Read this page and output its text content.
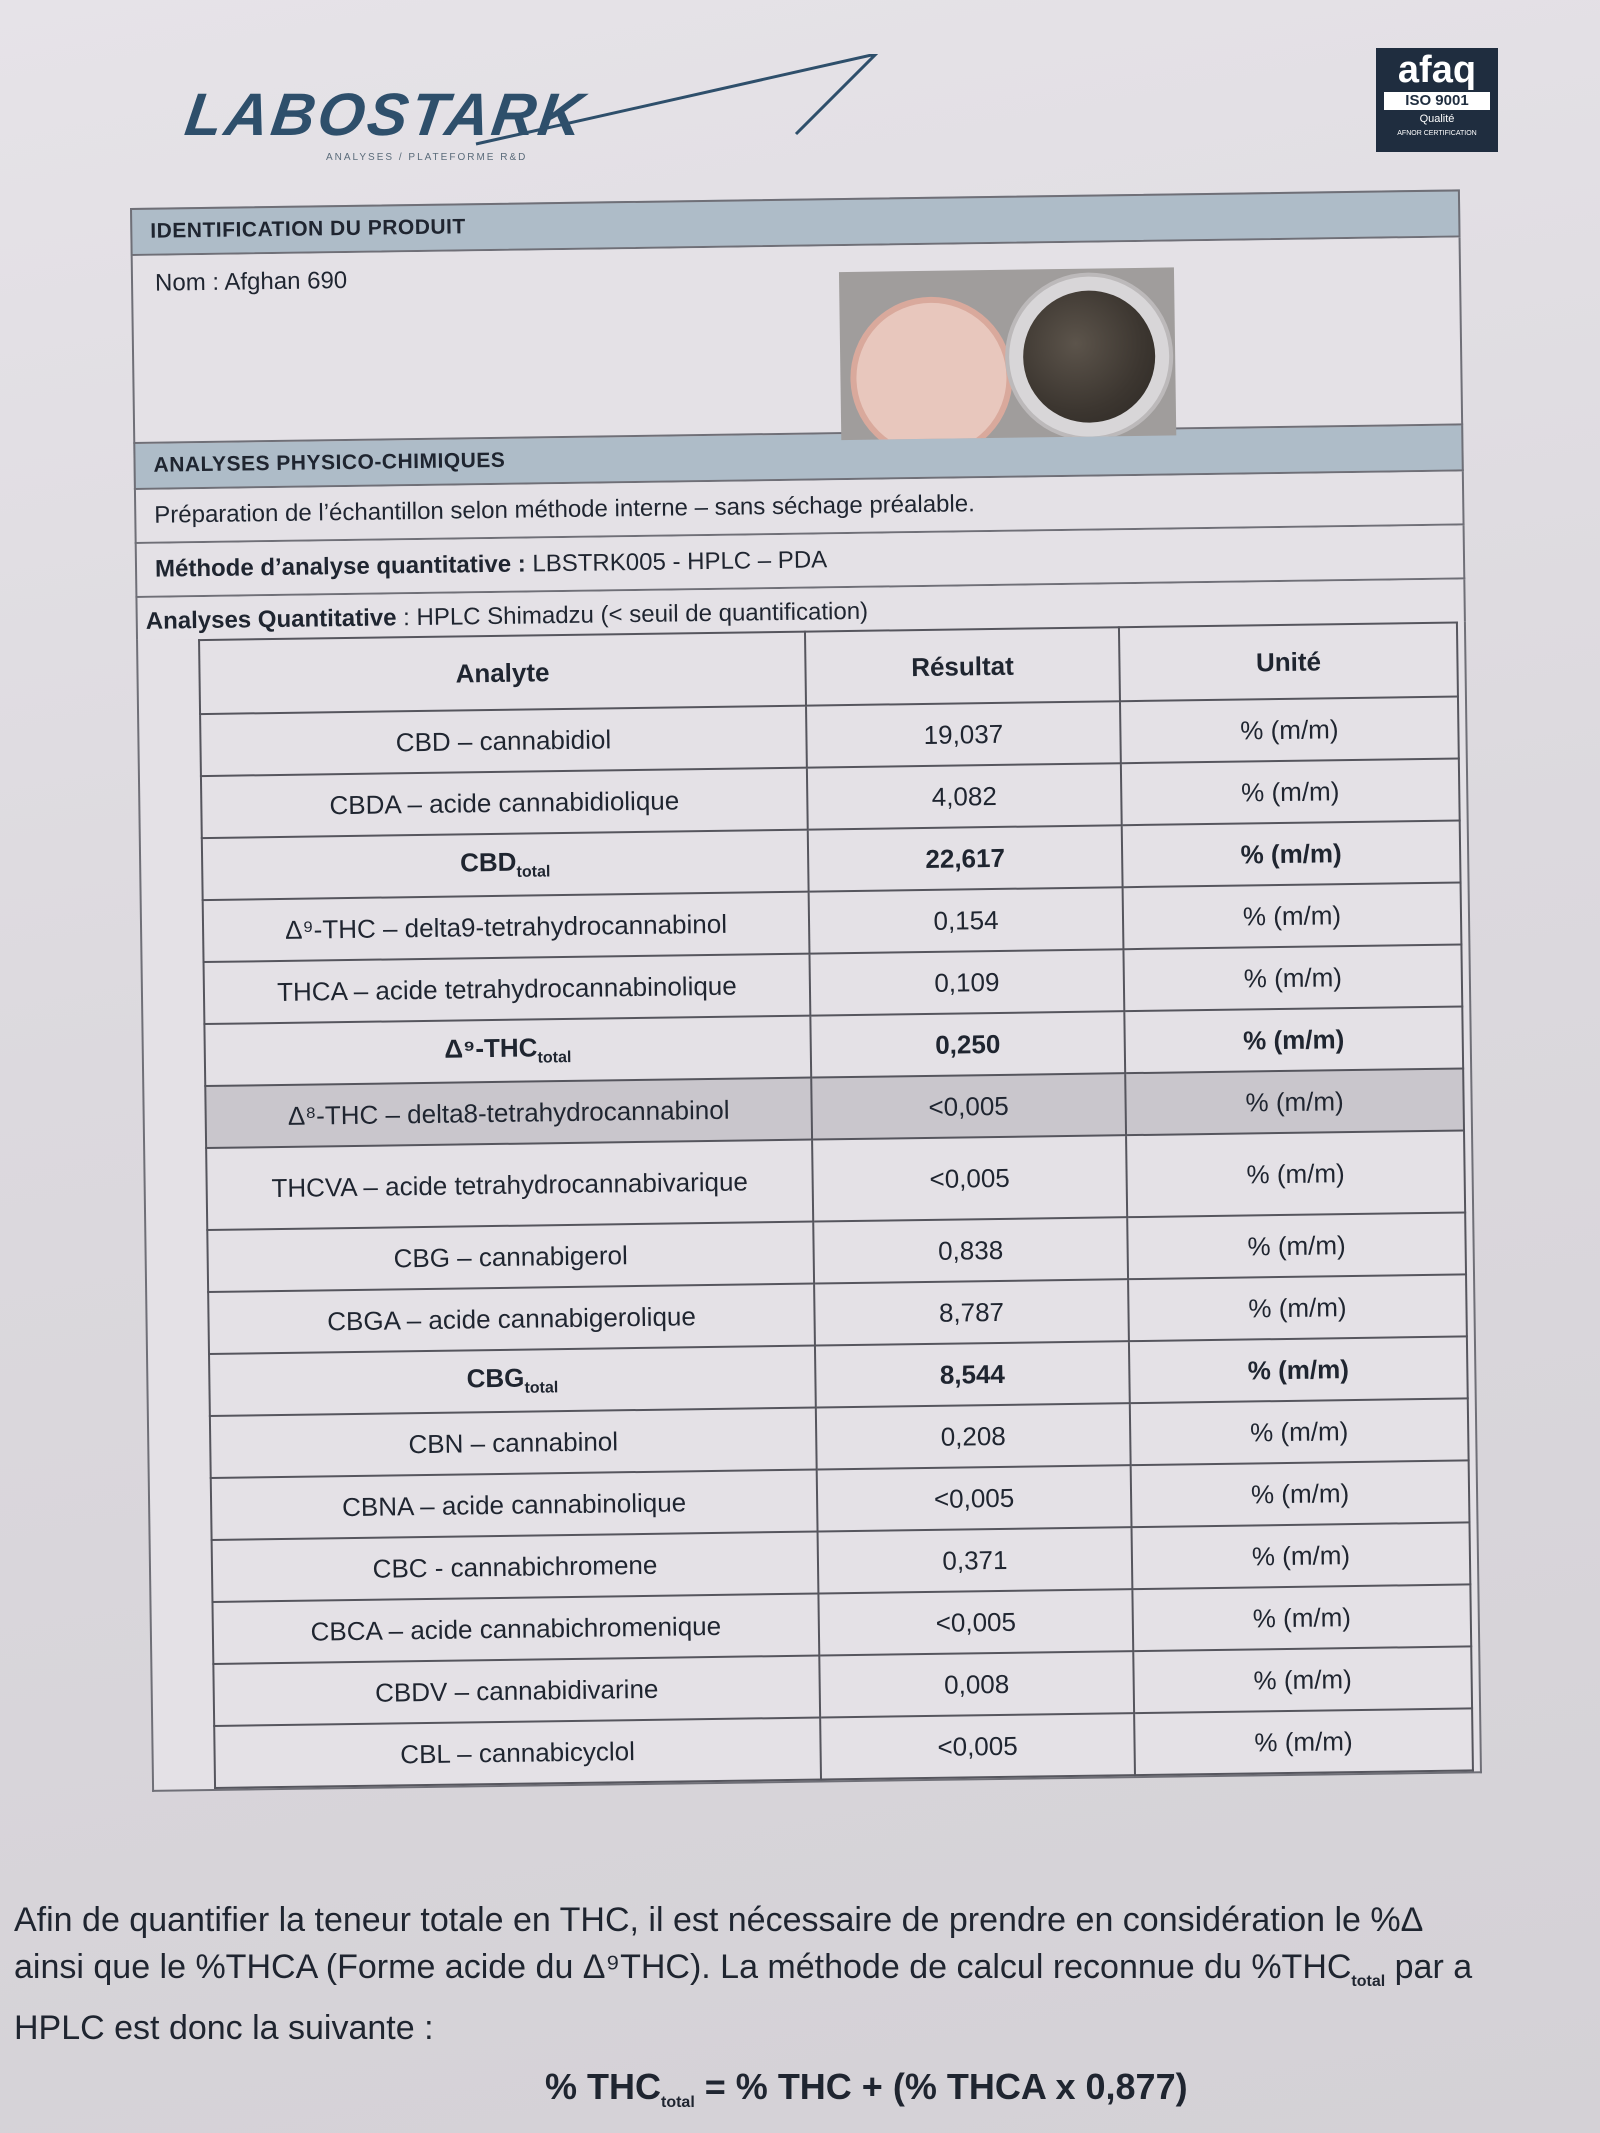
LABOSTARK
ANALYSES / PLATEFORME R&D
afaq
ISO 9001
Qualité
AFNOR CERTIFICATION
IDENTIFICATION DU PRODUIT
Nom : Afghan 690
ANALYSES PHYSICO-CHIMIQUES
Préparation de l’échantillon selon méthode interne – sans séchage préalable.
Méthode d’analyse quantitative : LBSTRK005 - HPLC – PDA
Analyses Quantitative : HPLC Shimadzu (< seuil de quantification)
Analyte	Résultat	Unité
CBD – cannabidiol	19,037	% (m/m)
CBDA – acide cannabidiolique	4,082	% (m/m)
$CBD_{total}$	22,617	% (m/m)
Δ⁹-THC – delta9-tetrahydrocannabinol	0,154	% (m/m)
THCA – acide tetrahydrocannabinolique	0,109	% (m/m)
$\Delta^9-THC_{total}$	0,250	% (m/m)
Δ⁸-THC – delta8-tetrahydrocannabinol	<0,005	% (m/m)
THCVA – acide tetrahydrocannabivarique	<0,005	% (m/m)
CBG – cannabigerol	0,838	% (m/m)
CBGA – acide cannabigerolique	8,787	% (m/m)
$CBG_{total}$	8,544	% (m/m)
CBN – cannabinol	0,208	% (m/m)
CBNA – acide cannabinolique	<0,005	% (m/m)
CBC - cannabichromene	0,371	% (m/m)
CBCA – acide cannabichromenique	<0,005	% (m/m)
CBDV – cannabidivarine	0,008	% (m/m)
CBL – cannabicyclol	<0,005	% (m/m)
Afin de quantifier la teneur totale en THC, il est nécessaire de prendre en considération le %Δ
ainsi que le %THCA (Forme acide du Δ⁹THC). La méthode de calcul reconnue du $\%THC_{total}$ par a
HPLC est donc la suivante :
% $THC_{total}$ = % THC + (% THCA x 0,877)
